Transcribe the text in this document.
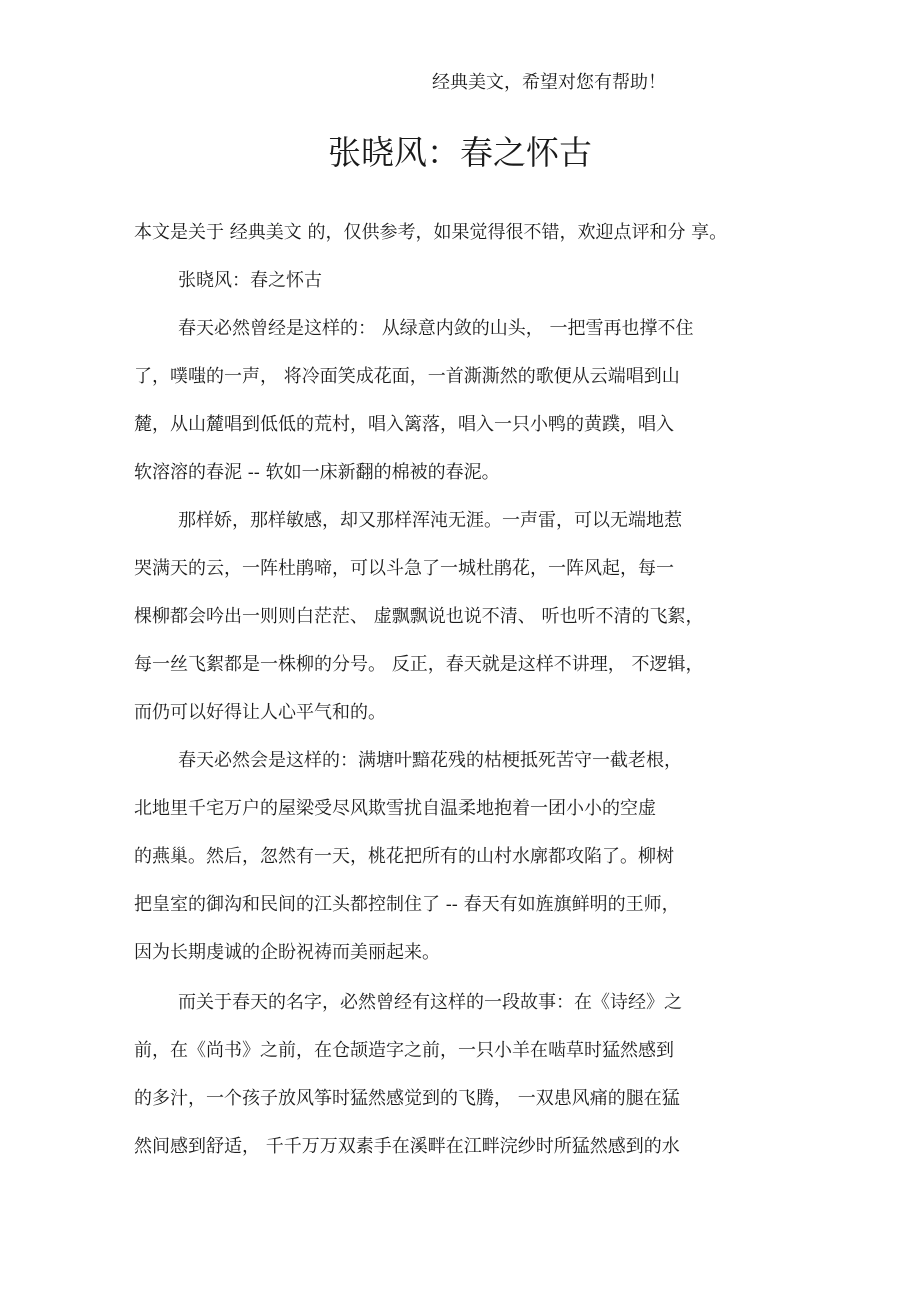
经典美文，希望对您有帮助！
张晓风：春之怀古
本文是关于 经典美文 的，仅供参考，如果觉得很不错，欢迎点评和分 享。
张晓风：春之怀古
春天必然曾经是这样的： 从绿意内敛的山头， 一把雪再也撑不住
了，噗嗤的一声， 将冷面笑成花面，一首澌澌然的歌便从云端唱到山
麓，从山麓唱到低低的荒村，唱入篱落，唱入一只小鸭的黄蹼，唱入
软溶溶的春泥 -- 软如一床新翻的棉被的春泥。
那样娇，那样敏感，却又那样浑沌无涯。一声雷，可以无端地惹
哭满天的云，一阵杜鹃啼，可以斗急了一城杜鹃花，一阵风起，每一
棵柳都会吟出一则则白茫茫、 虚飘飘说也说不清、 听也听不清的飞絮，
每一丝飞絮都是一株柳的分号。 反正，春天就是这样不讲理， 不逻辑，
而仍可以好得让人心平气和的。
春天必然会是这样的：满塘叶黯花残的枯梗抵死苦守一截老根，
北地里千宅万户的屋梁受尽风欺雪扰自温柔地抱着一团小小的空虚
的燕巢。然后，忽然有一天，桃花把所有的山村水廓都攻陷了。柳树
把皇室的御沟和民间的江头都控制住了 -- 春天有如旌旗鲜明的王师，
因为长期虔诚的企盼祝祷而美丽起来。
而关于春天的名字，必然曾经有这样的一段故事：在《诗经》之
前，在《尚书》之前，在仓颉造字之前，一只小羊在啮草时猛然感到
的多汁，一个孩子放风筝时猛然感觉到的飞腾， 一双患风痛的腿在猛
然间感到舒适， 千千万万双素手在溪畔在江畔浣纱时所猛然感到的水
